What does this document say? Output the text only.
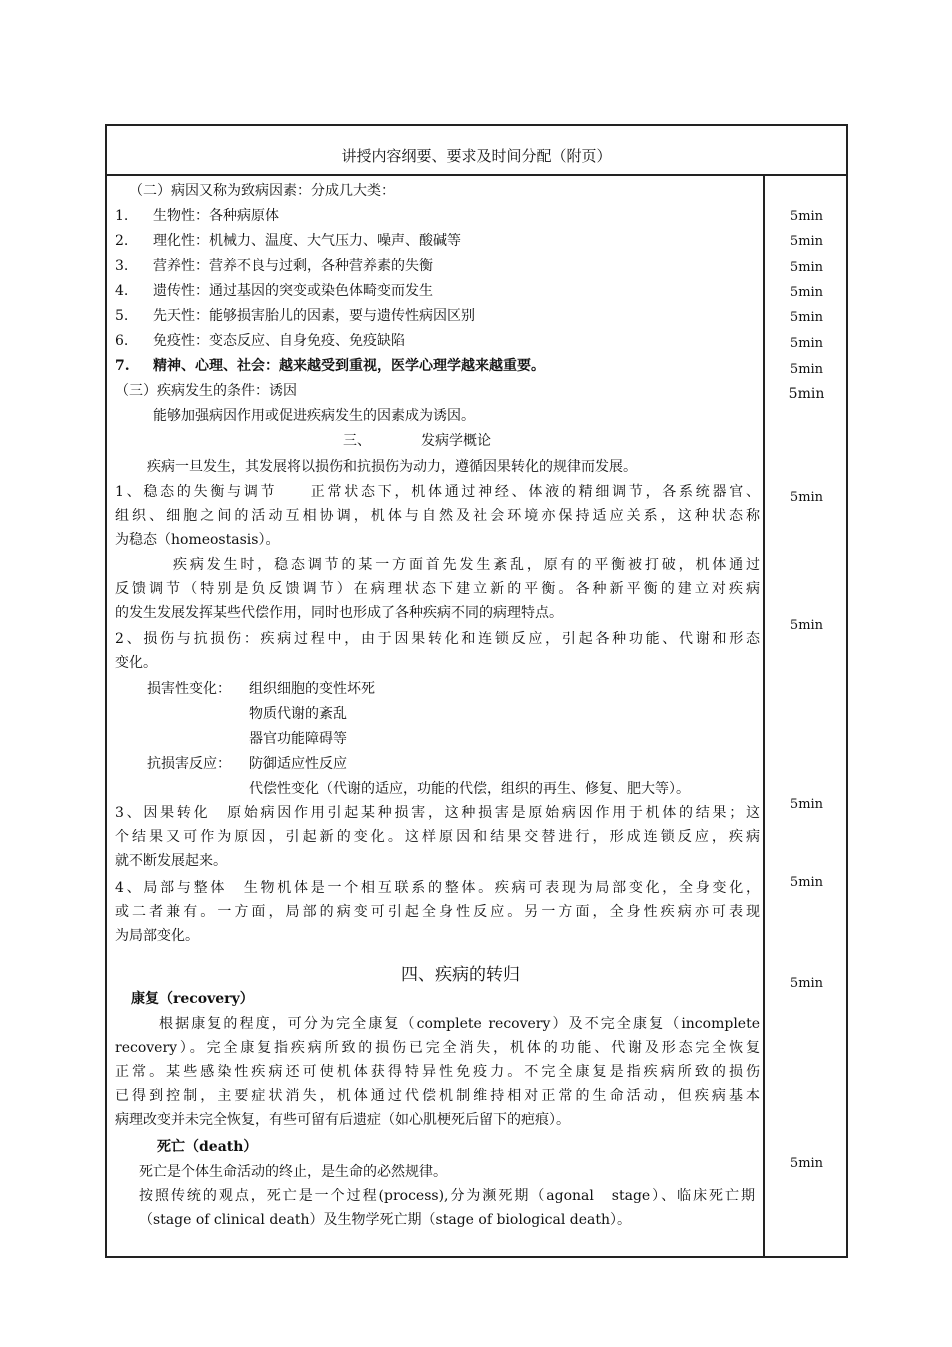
讲授内容纲要、要求及时间分配（附页）
（二）病因又称为致病因素：分成几大类：
1. 生物性：各种病原体
2. 理化性：机械力、温度、大气压力、噪声、酸碱等
3. 营养性：营养不良与过剩，各种营养素的失衡
4. 遗传性：通过基因的突变或染色体畸变而发生
5. 先天性：能够损害胎儿的因素，要与遗传性病因区别
6. 免疫性：变态反应、自身免疫、免疫缺陷
7. 精神、心理、社会：越来越受到重视，医学心理学越来越重要。
（三）疾病发生的条件：诱因
能够加强病因作用或促进疾病发生的因素成为诱因。
三、	发病学概论
疾病一旦发生，其发展将以损伤和抗损伤为动力，遵循因果转化的规律而发展。
1、稳态的失衡与调节　　正常状态下，机体通过神经、体液的精细调节，各系统器官、
组织、细胞之间的活动互相协调，机体与自然及社会环境亦保持适应关系，这种状态称
为稳态（homeostasis）。
疾病发生时，稳态调节的某一方面首先发生紊乱，原有的平衡被打破，机体通过
反馈调节（特别是负反馈调节）在病理状态下建立新的平衡。各种新平衡的建立对疾病
的发生发展发挥某些代偿作用，同时也形成了各种疾病不同的病理特点。
2、损伤与抗损伤：疾病过程中，由于因果转化和连锁反应，引起各种功能、代谢和形态
变化。
损害性变化： 组织细胞的变性坏死
物质代谢的紊乱
器官功能障碍等
抗损害反应： 防御适应性反应
代偿性变化（代谢的适应，功能的代偿，组织的再生、修复、肥大等）。
3、因果转化　原始病因作用引起某种损害，这种损害是原始病因作用于机体的结果；这
个结果又可作为原因，引起新的变化。这样原因和结果交替进行，形成连锁反应，疾病
就不断发展起来。
4、局部与整体　生物机体是一个相互联系的整体。疾病可表现为局部变化，全身变化，
或二者兼有。一方面，局部的病变可引起全身性反应。另一方面，全身性疾病亦可表现
为局部变化。
四、疾病的转归
康复（recovery）
根据康复的程度，可分为完全康复（complete recovery）及不完全康复（incomplete
recovery）。完全康复指疾病所致的损伤已完全消失，机体的功能、代谢及形态完全恢复
正常。某些感染性疾病还可使机体获得特异性免疫力。不完全康复是指疾病所致的损伤
已得到控制，主要症状消失，机体通过代偿机制维持相对正常的生命活动，但疾病基本
病理改变并未完全恢复，有些可留有后遗症（如心肌梗死后留下的疤痕）。
死亡（death）
死亡是个体生命活动的终止，是生命的必然规律。
按照传统的观点，死亡是一个过程(process),分为濒死期（agonal　stage）、临床死亡期
（stage of clinical death）及生物学死亡期（stage of biological death）。
5min
5min
5min
5min
5min
5min
5min
5min
5min
5min
5min
5min
5min
5min
